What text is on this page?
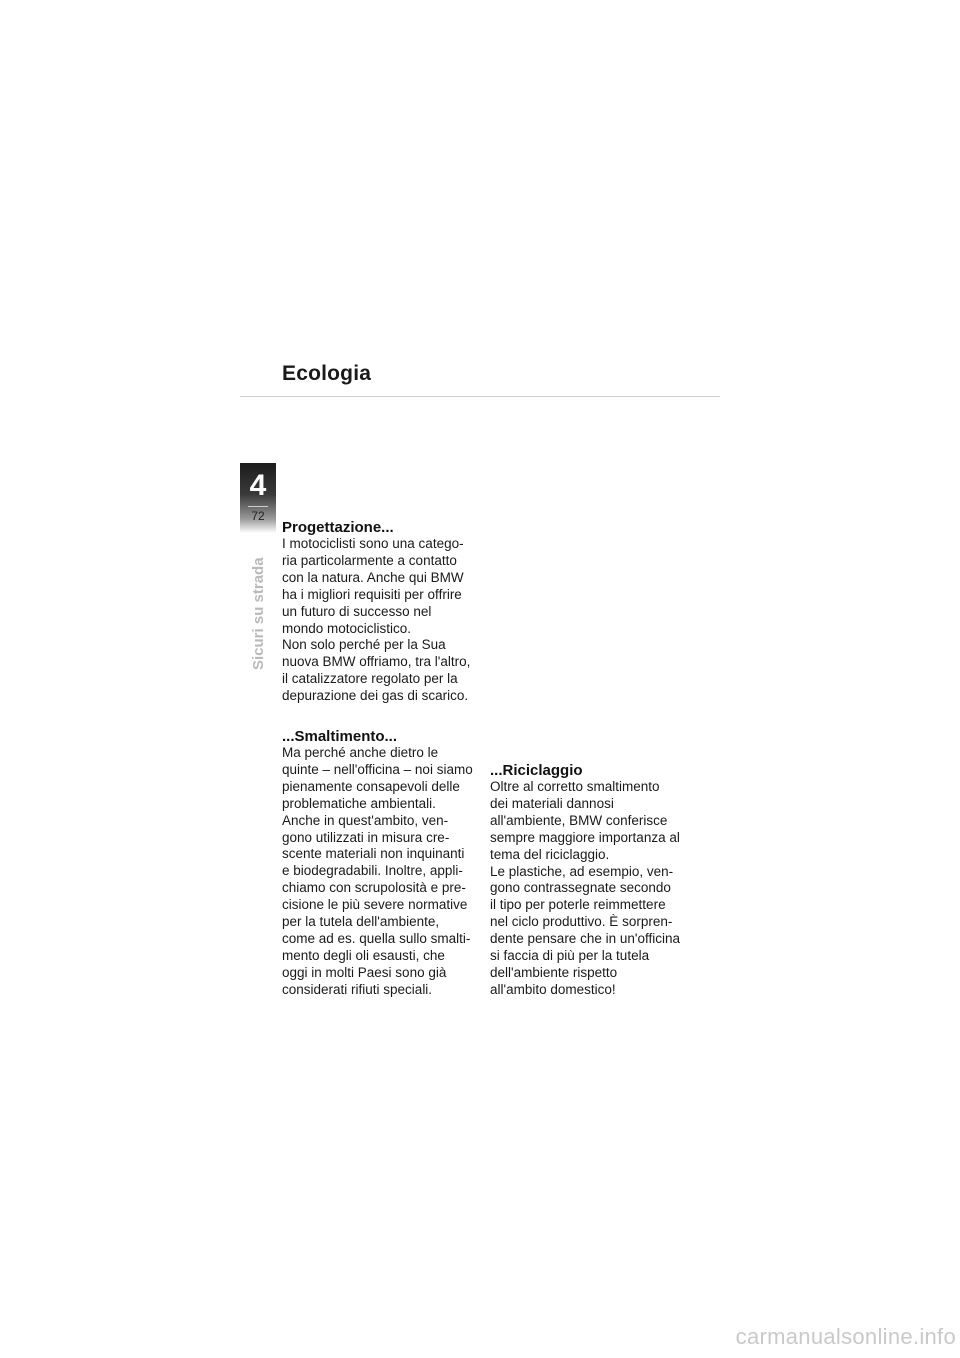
Ecologia
4
72
Sicuri su strada
Progettazione...
I motociclisti sono una catego-
ria particolarmente a contatto
con la natura. Anche qui BMW
ha i migliori requisiti per offrire
un futuro di successo nel
mondo motociclistico.
Non solo perché per la Sua
nuova BMW offriamo, tra l'altro,
il catalizzatore regolato per la
depurazione dei gas di scarico.
...Smaltimento...
Ma perché anche dietro le
quinte – nell'officina – noi siamo
pienamente consapevoli delle
problematiche ambientali.
Anche in quest'ambito, ven-
gono utilizzati in misura cre-
scente materiali non inquinanti
e biodegradabili. Inoltre, appli-
chiamo con scrupolosità e pre-
cisione le più severe normative
per la tutela dell'ambiente,
come ad es. quella sullo smalti-
mento degli oli esausti, che
oggi in molti Paesi sono già
considerati rifiuti speciali.
...Riciclaggio
Oltre al corretto smaltimento
dei materiali dannosi
all'ambiente, BMW conferisce
sempre maggiore importanza al
tema del riciclaggio.
Le plastiche, ad esempio, ven-
gono contrassegnate secondo
il tipo per poterle reimmettere
nel ciclo produttivo. È sorpren-
dente pensare che in un'officina
si faccia di più per la tutela
dell'ambiente rispetto
all'ambito domestico!
carmanualsonline.info
